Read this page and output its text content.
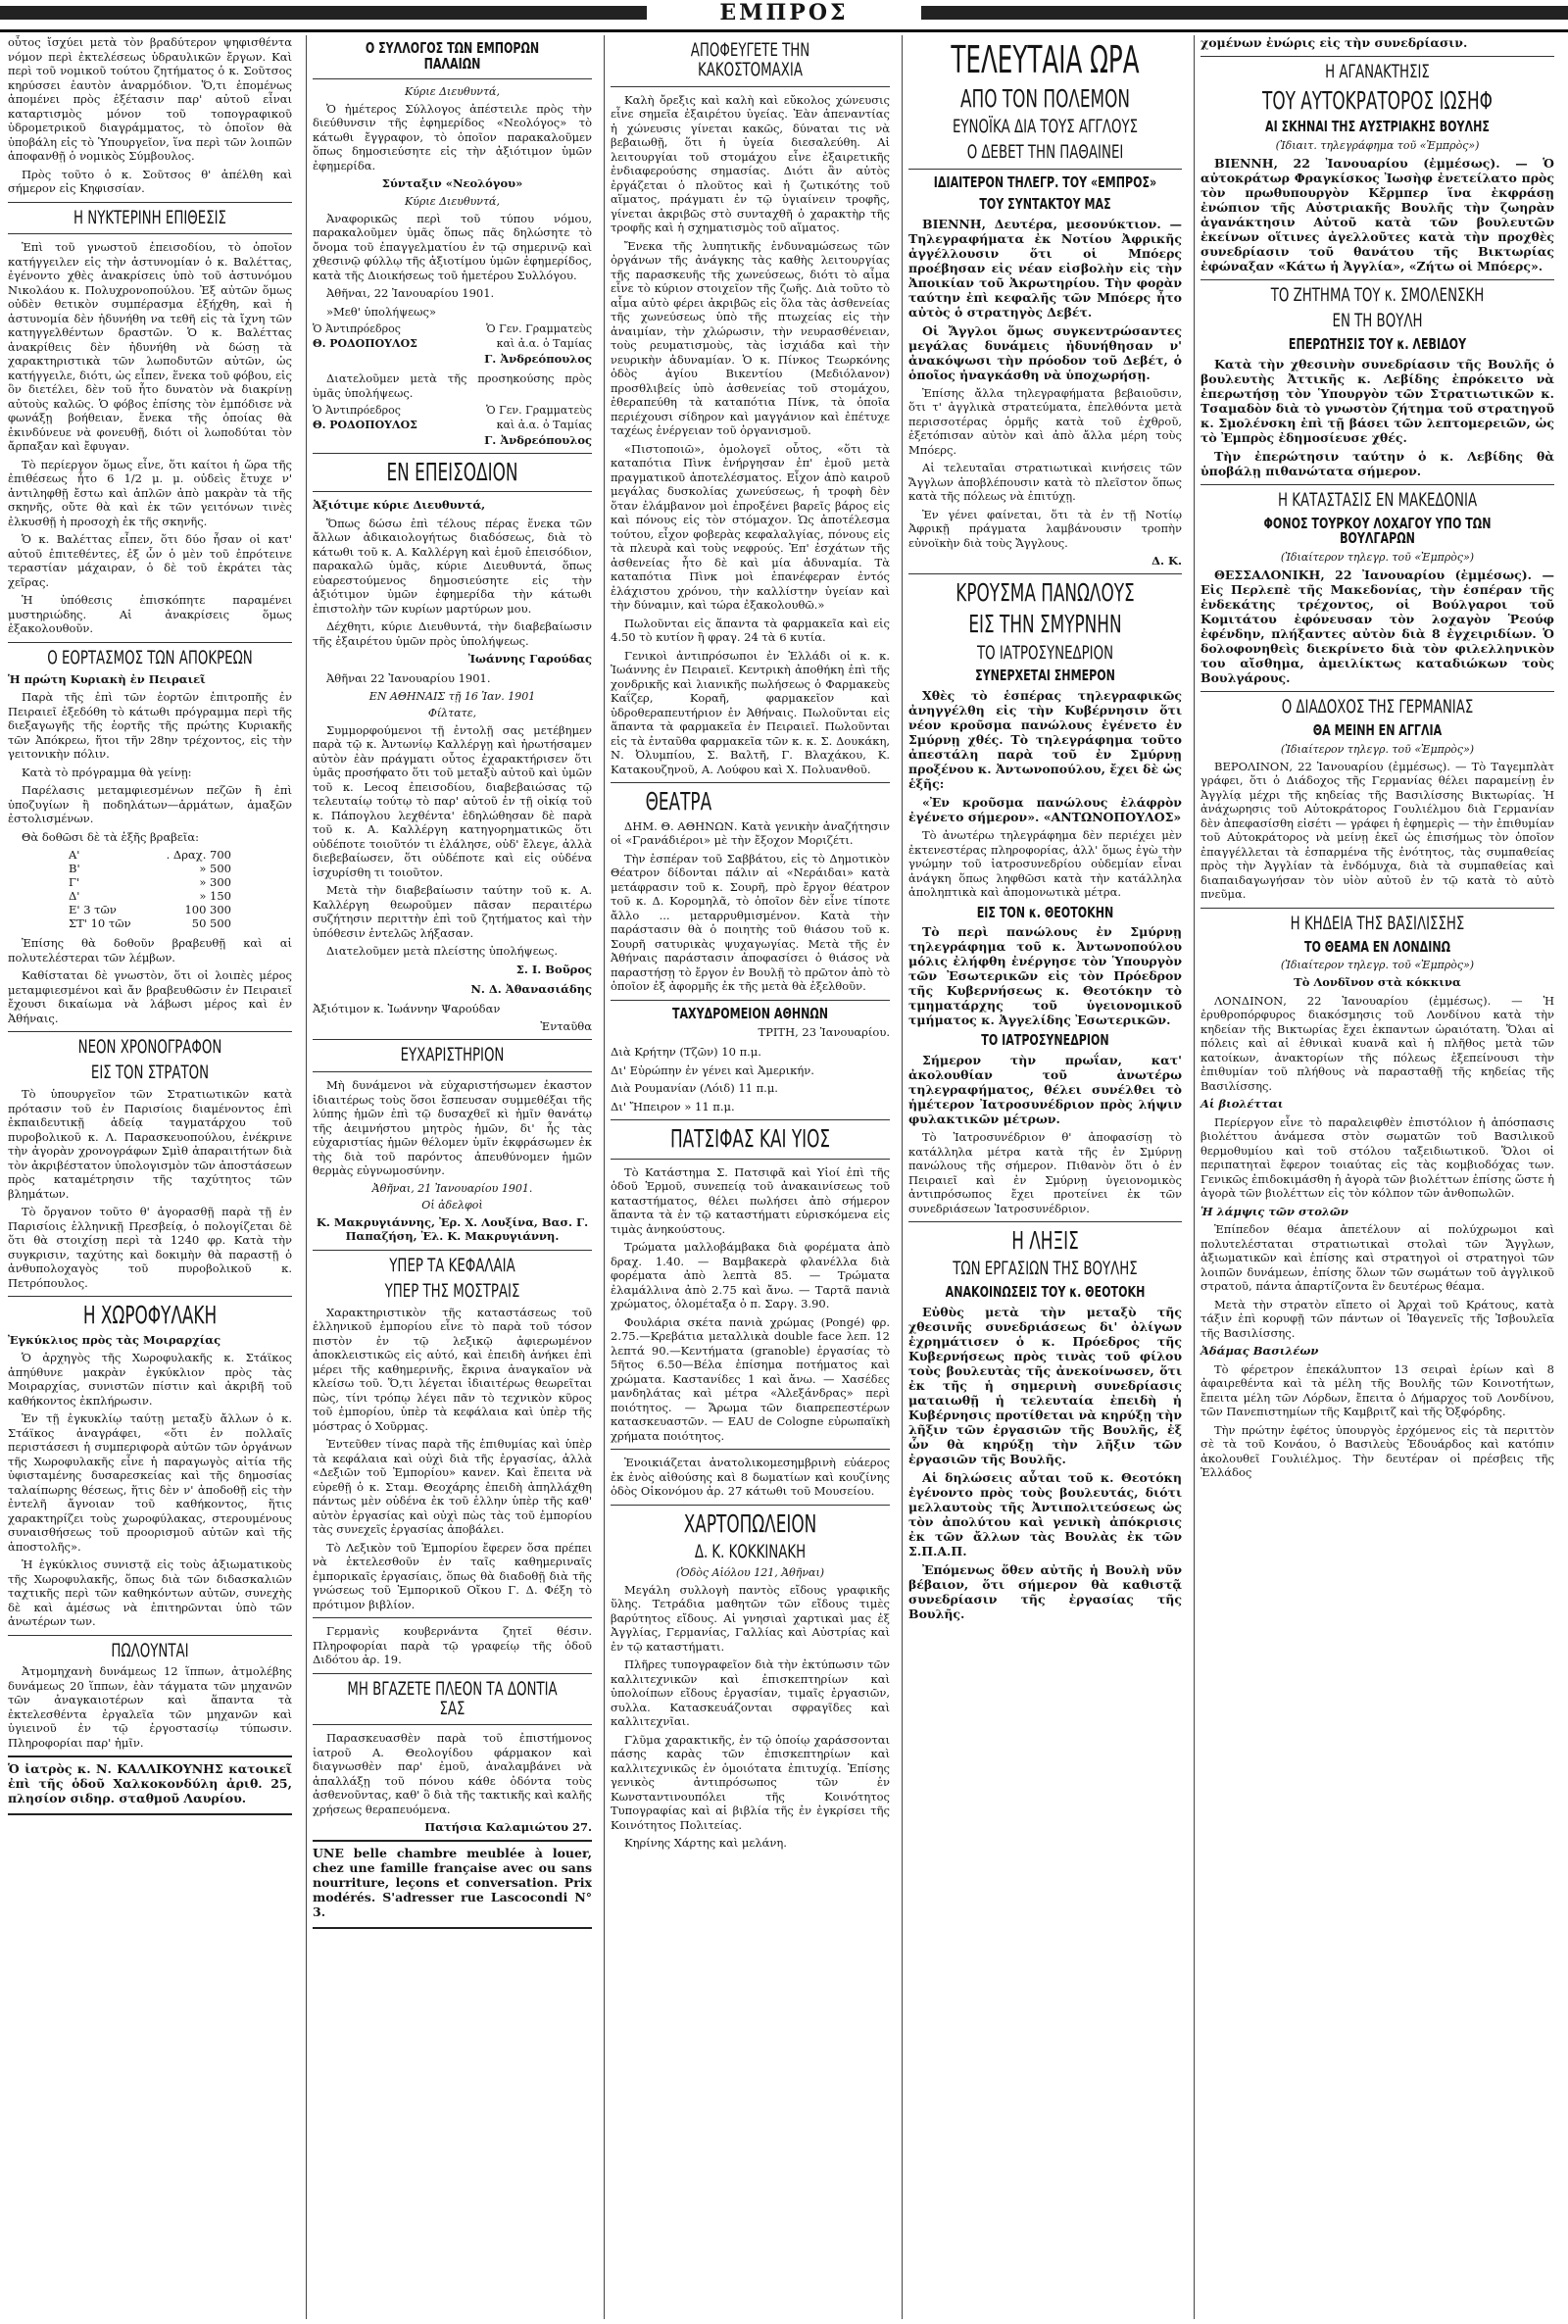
ΕΜΠΡΟΣ

οὗτος ἴσχύει μετὰ τὸν βραδύτερον ψηφισθέντα νόμον περὶ ἐκτελέσεως ὑδραυλικῶν ἔργων. Καὶ περὶ τοῦ νομικοῦ τούτου ζητήματος ὁ κ. Σοῦτσος κηρύσσει ἑαυτὸν ἀναρμόδιον. Ὅ,τι ἑπομένως ἀπομένει πρὸς ἐξέτασιν παρ' αὐτοῦ εἶναι καταρτισμὸς μόνον τοῦ τοπογραφικοῦ ὑδρομετρικοῦ διαγράμματος, τὸ ὁποῖον θὰ ὑποβάλη εἰς τὸ Ὑπουργεῖον, ἵνα περὶ τῶν λοιπῶν ἀποφανθῇ ὁ νομικὸς Σύμβουλος.

Πρὸς τοῦτο ὁ κ. Σοῦτσος θ' ἀπέλθη καὶ σήμερον εἰς Κηφισσίαν.

Η ΝΥΚΤΕΡΙΝΗ ΕΠΙΘΕΣΙΣ

Ἐπὶ τοῦ γνωστοῦ ἐπεισοδίου, τὸ ὁποῖον κατήγγειλεν εἰς τὴν ἀστυνομίαν ὁ κ. Βαλέττας, ἐγένοντο χθὲς ἀνακρίσεις ὑπὸ τοῦ ἀστυνόμου Νικολάου κ. Πολυχρονοπούλου. Ἐξ αὐτῶν ὅμως οὐδὲν θετικὸν συμπέρασμα ἐξήχθη, καὶ ἡ ἀστυνομία δὲν ἠδυνήθη να τεθῆ εἰς τὰ ἴχνη τῶν κατηγγελθέντων δραστῶν. Ὁ κ. Βαλέττας ἀνακρίθεις δὲν ἠδυνήθη νὰ δώσῃ τὰ χαρακτηριστικὰ τῶν λωποδυτῶν αὐτῶν, ὡς κατήγγειλε, διότι, ὡς εἶπεν, ἕνεκα τοῦ φόβου, εἰς ὃν διετέλει, δὲν τοῦ ἦτο δυνατὸν νὰ διακρίνῃ αὐτοὺς καλῶς. Ὁ φόβος ἐπίσης τὸν ἐμπόδισε νὰ φωνάξῃ βοήθειαν, ἔνεκα τῆς ὁποίας θὰ ἐκινδύνευε νὰ φονευθῇ, διότι οἱ λωποδύται τὸν ἄρπαξαν καὶ ἔφυγαν.

Τὸ περίεργον ὅμως εἶνε, ὅτι καίτοι ἡ ὥρα τῆς ἐπιθέσεως ἦτο 6 1/2 μ. μ. οὐδεὶς ἔτυχε ν' ἀντιληφθῇ ἔστω καὶ ἁπλῶν ἀπὸ μακρὰν τὰ τῆς σκηνῆς, οὔτε θὰ καὶ ἐκ τῶν γειτόνων τινὲς ἐλκυσθῇ ἡ προσοχὴ ἐκ τῆς σκηνῆς.

Ὁ κ. Βαλέττας εἶπεν, ὅτι δύο ἦσαν οἱ κατ' αὐτοῦ ἐπιτεθέντες, ἐξ ὧν ὁ μὲν τοῦ ἐπρότεινε τεραστίαν μάχαιραν, ὁ δὲ τοῦ ἐκράτει τὰς χεῖρας.

Ἡ ὑπόθεσις ἐπισκόπητε παραμένει μυστηριώδης. Αἱ ἀνακρίσεις ὅμως ἐξακολουθοῦν.

Ο ΕΟΡΤΑΣΜΟΣ ΤΩΝ ΑΠΟΚΡΕΩΝ

Ἡ πρώτη Κυριακὴ ἐν Πειραιεῖ

Παρὰ τῆς ἐπὶ τῶν ἑορτῶν ἐπιτροπῆς ἐν Πειραιεῖ ἐξεδόθη τὸ κάτωθι πρόγραμμα περὶ τῆς διεξαγωγῆς τῆς ἑορτῆς τῆς πρώτης Κυριακῆς τῶν Ἀπόκρεω, ἥτοι τῆν 28ην τρέχοντος, εἰς τὴν γειτονικὴν πόλιν.

Κατὰ τὸ πρόγραμμα θὰ γείνῃ:

Παρέλασις μεταμφιεσμένων πεζῶν ἢ ἐπὶ ὑποζυγίων ἢ ποδηλάτων—ἁρμάτων, ἁμαξῶν ἐστολισμένων.

Θὰ δοθῶσι δὲ τὰ ἑξῆς βραβεῖα:

Α'	. Δραχ. 700
Β'	» 500
Γ'	» 300
Δ'	» 150
Ε' 3 τῶν	100 300
ΣΤ' 10 τῶν	50 500

Ἐπίσης θὰ δοθοῦν βραβευθῇ καὶ αἱ πολυτελέστεραι τῶν λέμβων.

Καθίσταται δὲ γνωστὸν, ὅτι οἱ λοιπὲς μέρος μεταμφιεσμένοι καὶ ἄν βραβευθῶσιν ἐν Πειραιεῖ ἔχουσι δικαίωμα νὰ λάβωσι μέρος καὶ ἐν Ἀθήναις.

ΝΕΟΝ ΧΡΟΝΟΓΡΑΦΟΝ
ΕΙΣ ΤΟΝ ΣΤΡΑΤΟΝ

Τὸ ὑπουργεῖον τῶν Στρατιωτικῶν κατὰ πρότασιν τοῦ ἐν Παρισίοις διαμένοντος ἐπὶ ἐκπαιδευτικῇ ἀδείᾳ ταγματάρχου τοῦ πυροβολικοῦ κ. Λ. Παρασκευοπούλου, ἐνέκρινε τὴν ἀγορὰν χρονογράφων Σμὶθ ἀπαραιτήτων διὰ τὸν ἀκριβέστατον ὑπολογισμὸν τῶν ἀποστάσεων πρὸς καταμέτρησιν τῆς ταχύτητος τῶν βλημάτων.

Τὸ ὄργανον τοῦτο θ' ἀγορασθῇ παρὰ τῇ ἐν Παρισίοις ἑλληνικῇ Πρεσβείᾳ, ὁ πολογίζεται δὲ ὅτι θὰ στοιχίσῃ περὶ τὰ 1240 φρ. Κατὰ τὴν συγκρισιν, ταχύτης καὶ δοκιμὴν θὰ παραστῇ ὁ ἀνθυπολοχαγὸς τοῦ πυροβολικοῦ κ. Πετρόπουλος.

Η ΧΩΡΟΦΥΛΑΚΗ

Ἐγκύκλιος πρὸς τὰς Μοιραρχίας

Ὁ ἀρχηγὸς τῆς Χωροφυλακῆς κ. Στάϊκος ἀπηύθυνε μακρὰν ἐγκύκλιον πρὸς τὰς Μοιραρχίας, συνιστῶν πίστιν καὶ ἀκριβῆ τοῦ καθήκοντος ἐκπλήρωσιν.

Ἐν τῇ ἐγκυκλίῳ ταύτῃ μεταξὺ ἄλλων ὁ κ. Στάϊκος ἀναγράφει, «ὅτι ἐν πολλαῖς περιστάσεσι ἡ συμπεριφορὰ αὐτῶν τῶν ὀργάνων τῆς Χωροφυλακῆς εἶνε ἡ παραγωγὸς αἰτία τῆς ὑφισταμένης δυσαρεσκείας καὶ τῆς δημοσίας ταλαίπωρης θέσεως, ἥτις δὲν ν' ἀποδοθῇ εἰς τὴν ἐντελῆ ἄγνοιαν τοῦ καθήκοντος, ἥτις χαρακτηρίζει τοὺς χωροφύλακας, στερουμένους συναισθήσεως τοῦ προορισμοῦ αὐτῶν καὶ τῆς ἀποστολῆς».

Ἡ ἐγκύκλιος συνιστᾷ εἰς τοὺς ἀξιωματικοὺς τῆς Χωροφυλακῆς, ὅπως διὰ τῶν διδασκαλιῶν ταχτικῆς περὶ τῶν καθηκόντων αὐτῶν, συνεχὴς δὲ καὶ ἀμέσως νὰ ἐπιτηρῶνται ὑπὸ τῶν ἀνωτέρων των.

ΠΩΛΟΥΝΤΑΙ

Ἀτμομηχανὴ δυνάμεως 12 ἵππων, ἀτμολέβης δυνάμεως 20 ἵππων, ἐὰν τάγματα τῶν μηχανῶν τῶν ἀναγκαιοτέρων καὶ ἅπαντα τὰ ἐκτελεσθέντα ἐργαλεῖα τῶν μηχανῶν καὶ ὑγιεινοῦ ἐν τῷ ἐργοστασίῳ τύπωσιν. Πληροφορίαι παρ' ἡμῖν.

Ὁ ἰατρὸς κ. Ν. ΚΑΛΛΙΚΟΥΝΗΣ κατοικεῖ ἐπὶ τῆς ὁδοῦ Χαλκοκονδύλη ἀριθ. 25, πλησίον σιδηρ. σταθμοῦ Λαυρίου.

Ο ΣΥΛΛΟΓΟΣ ΤΩΝ ΕΜΠΟΡΩΝ ΠΑΛΑΙΩΝ
Κύριε Διευθυντά,

Ὁ ἡμέτερος Σύλλογος ἀπέστειλε πρὸς τὴν διεύθυνσιν τῆς ἐφημερίδος «Νεολόγος» τὸ κάτωθι ἔγγραφον, τὸ ὁποῖον παρακαλοῦμεν ὅπως δημοσιεύσητε εἰς τὴν ἀξιότιμον ὑμῶν ἐφημερίδα.

Σύνταξιν «Νεολόγου»

Κύριε Διευθυντά,

Ἀναφορικῶς περὶ τοῦ τύπου νόμου, παρακαλοῦμεν ὑμᾶς ὅπως πᾶς δηλώσητε τὸ ὄνομα τοῦ ἐπαγγελματίου ἐν τῷ σημερινῷ καὶ χθεσινῷ φύλλῳ τῆς ἀξιοτίμου ὑμῶν ἐφημερίδος, κατὰ τῆς Διοικήσεως τοῦ ἡμετέρου Συλλόγου.

Ἀθῆναι, 22 Ἰανουαρίου 1901.

»Μεθ' ὑπολήψεως»

Ὁ Ἀντιπρόεδρος	Ὁ Γεν. Γραμματεὺς
Θ. ΡΟΔΟΠΟΥΛΟΣ	καὶ ἀ.α. ὁ Ταμίας
Γ. Ἀνδρεόπουλος

Διατελοῦμεν μετὰ τῆς προσηκούσης πρὸς ὑμᾶς ὑπολήψεως.

Ὁ Ἀντιπρόεδρος	Ὁ Γεν. Γραμματεὺς
Θ. ΡΟΔΟΠΟΥΛΟΣ	καὶ ἀ.α. ὁ Ταμίας
Γ. Ἀνδρεόπουλος
ΕΝ ΕΠΕΙΣΟΔΙΟΝ

Ἀξιότιμε κύριε Διευθυντά,

Ὅπως δώσω ἐπὶ τέλους πέρας ἕνεκα τῶν ἄλλων ἀδικαιολογήτως διαδόσεως, διὰ τὸ κάτωθι τοῦ κ. Α. Καλλέργη καὶ ἐμοῦ ἐπεισόδιον, παρακαλῶ ὑμᾶς, κύριε Διευθυντά, ὅπως εὐαρεστούμενος δημοσιεύσητε εἰς τὴν ἀξιότιμον ὑμῶν ἐφημερίδα τὴν κάτωθι ἐπιστολὴν τῶν κυρίων μαρτύρων μου.

Δέχθητι, κύριε Διευθυντά, τὴν διαβεβαίωσιν τῆς ἐξαιρέτου ὑμῶν πρὸς ὑπολήψεως.

Ἰωάννης Γαρούδας

Ἀθῆναι 22 Ἰανουαρίου 1901.

ΕΝ ΑΘΗΝΑΙΣ τῇ 16 Ἰαν. 1901
Φίλτατε,

Συμμορφούμενοι τῇ ἐντολῇ σας μετέβημεν παρὰ τῷ κ. Ἀντωνίῳ Καλλέργῃ καὶ ἠρωτήσαμεν αὐτὸν ἐὰν πράγματι οὗτος ἐχαρακτήρισεν ὅτι ὑμᾶς προσήφατο ὅτι τοῦ μεταξὺ αὐτοῦ καὶ ὑμῶν τοῦ κ. Lecoq ἐπεισοδίου, διαβεβαιώσας τῷ τελευταίῳ τούτῳ τὸ παρ' αὐτοῦ ἐν τῇ οἰκίᾳ τοῦ κ. Πάπογλου λεχθέντα' ἐδηλώθησαν δὲ παρὰ τοῦ κ. Α. Καλλέργη κατηγορηματικῶς ὅτι οὐδέποτε τοιοῦτόν τι ἐλάλησε, οὐδ' ἔλεγε, ἀλλὰ διεβεβαίωσεν, ὅτι οὐδέποτε καὶ εἰς οὐδένα ἰσχυρίσθη τι τοιοῦτον.

Μετὰ τὴν διαβεβαίωσιν ταύτην τοῦ κ. Α. Καλλέργη θεωροῦμεν πᾶσαν περαιτέρω συζήτησιν περιττὴν ἐπὶ τοῦ ζητήματος καὶ τὴν ὑπόθεσιν ἐντελῶς λήξασαν.

Διατελοῦμεν μετὰ πλείστης ὑπολήψεως.

Σ. Ι. Βοῦρος
Ν. Δ. Ἀθανασιάδης

Ἀξιότιμον κ. Ἰωάννην Ψαρούδαν

Ἐνταῦθα
ΕΥΧΑΡΙΣΤΗΡΙΟΝ

Μὴ δυνάμενοι νὰ εὐχαριστήσωμεν ἑκαστον ἰδιαιτέρως τοὺς ὅσοι ἔσπευσαν συμμεθέξαι τῆς λύπης ἡμῶν ἐπὶ τῷ δυσαχθεῖ κὶ ἡμῖν θανάτῳ τῆς ἀειμνήστου μητρὸς ἡμῶν, δι' ἦς τὰς εὐχαριστίας ἡμῶν θέλομεν ὑμῖν ἐκφράσωμεν ἐκ τὴς διὰ τοῦ παρόντος ἀπευθύνομεν ἡμῶν θερμὰς εὐγνωμοσύνην.

Ἀθῆναι, 21 Ἰανουαρίου 1901.
Οἱ ἀδελφοὶ

Κ. Μακρυγιάννης, Ἐρ. Χ. Λουξίνα, Βασ. Γ. Παπαζήση, Ἐλ. Κ. Μακρυγιάννη.

ΥΠΕΡ ΤΑ ΚΕΦΑΛΑΙΑ
ΥΠΕΡ ΤΗΣ ΜΟΣΤΡΑΙΣ

Χαρακτηριστικὸν τῆς καταστάσεως τοῦ ἑλληνικοῦ ἐμπορίου εἶνε τὸ παρὰ τοῦ τόσον πιστὸν ἐν τῷ λεξικῷ ἀφιερωμένον ἀποκλειστικῶς εἰς αὐτό, καὶ ἐπειδὴ ἀνήκει ἐπὶ μέρει τῆς καθημερινῆς, ἔκρινα ἀναγκαῖον νὰ κλείσω τοῦ. Ὅ,τι λέγεται ἰδιαιτέρως θεωρεῖται πὼς, τίνι τρόπῳ λέγει πᾶν τὸ τεχνικὸν κῦρος τοῦ ἐμπορίου, ὑπὲρ τὰ κεφάλαια καὶ ὑπὲρ τῆς μόστρας ὁ Χοῦρμας.

Ἐντεῦθεν τίνας παρὰ τῆς ἐπιθυμίας καὶ ὑπὲρ τὰ κεφάλαια καὶ οὐχὶ διὰ τῆς ἐργασίας, ἀλλὰ «Δεξιῶν τοῦ Ἐμπορίου» κανεν. Καὶ ἔπειτα νὰ εὑρεθῇ ὁ κ. Σταμ. Θεοχάρης ἐπειδὴ ἀπηλλάχθη πάντως μὲν οὐδένα ἐκ τοῦ ἑλλην ὑπὲρ τῆς καθ' αὐτὸν ἐργασίας καὶ οὐχὶ πὼς τὰς τοῦ ἐμπορίου τὰς συνεχεῖς ἐργασίας ἀποβάλει.

Τὸ Λεξικὸν τοῦ Ἐμπορίου ἔφερεν ὅσα πρέπει νὰ ἐκτελεσθοῦν ἐν ταῖς καθημεριναῖς ἐμπορικαῖς ἐργασίαις, ὅπως θὰ διαδοθῇ διὰ τῆς γνώσεως τοῦ Ἐμπορικοῦ Οἴκου Γ. Δ. Φέξη τὸ πρότιμον βιβλίον.

Γερμανὶς κουβερνάντα ζητεῖ θέσιν. Πληροφορίαι παρὰ τῷ γραφείῳ τῆς ὁδοῦ Διδότου ἀρ. 19.

ΜΗ ΒΓΑΖΕΤΕ ΠΛΕΟΝ ΤΑ ΔΟΝΤΙΑ ΣΑΣ

Παρασκευασθὲν παρὰ τοῦ ἐπιστήμονος ἰατροῦ Α. Θεολογίδου φάρμακον καὶ διαγνωσθὲν παρ' ἐμοῦ, ἀναλαμβάνει νὰ ἀπαλλάξῃ τοῦ πόνου κάθε ὀδόντα τοὺς ἀσθενοῦντας, καθ' ὃ διὰ τῆς τακτικῆς καὶ καλῆς χρήσεως θεραπευόμενα.

Πατήσια Καλαμιώτου 27.

UNE belle chambre meublée à louer, chez une famille française avec ou sans nourriture, leçons et conversation. Prix modérés. S'adresser rue Lascocondi N° 3.

ΑΠΟΦΕΥΓΕΤΕ ΤΗΝ ΚΑΚΟΣΤΟΜΑΧΙΑ

Καλὴ ὄρεξις καὶ καλὴ καὶ εὔκολος χώνευσις εἶνε σημεῖα ἐξαιρέτου ὑγείας. Ἐὰν ἀπεναντίας ἡ χώνευσις γίνεται κακῶς, δύναται τις νὰ βεβαιωθῇ, ὅτι ἡ ὑγεία διεσαλεύθη. Αἱ λειτουργίαι τοῦ στομάχου εἶνε ἐξαιρετικῆς ἐνδιαφερούσης σημασίας. Διότι ἂν αὐτὸς ἐργάζεται ὁ πλοῦτος καὶ ἡ ζωτικότης τοῦ αἵματος, πράγματι ἐν τῷ ὑγιαίνειν τροφῆς, γίνεται ἀκριβῶς στὸ συνταχθῆ ὁ χαρακτὴρ τῆς τροφῆς καὶ ἡ σχηματισμὸς τοῦ αἵματος.

Ἔνεκα τῆς λυπητικῆς ἐνδυναμώσεως τῶν ὀργάνων τῆς ἀνάγκης τὰς καθὴς λειτουργίας τῆς παρασκευῆς τῆς χωνεύσεως, διότι τὸ αἷμα εἶνε τὸ κύριον στοιχεῖον τῆς ζωῆς. Διὰ τοῦτο τὸ αἷμα αὐτὸ φέρει ἀκριβῶς εἰς ὅλα τὰς ἀσθενείας τῆς χωνεύσεως ὑπὸ τῆς πτωχείας εἰς τὴν ἀναιμίαν, τὴν χλώρωσιν, τὴν νευρασθένειαν, τοὺς ρευματισμοὺς, τὰς ἰσχιάδα καὶ τὴν νευρικὴν ἀδυναμίαν. Ὁ κ. Πίνκος Τεωρκόνης ὁδὸς ἀγίου Βικεντίου (Μεδιόλανον) προσθλιβείς ὑπὸ ἀσθενείας τοῦ στομάχου, ἐθεραπεύθη τὰ καταπότια Πίνκ, τὰ ὁποῖα περιέχουσι σίδηρον καὶ μαγγάνιον καὶ ἐπέτυχε ταχέως ἐνέργειαν τοῦ ὀργανισμοῦ.

«Πιστοποιῶ», ὁμολογεῖ οὗτος, «ὅτι τὰ καταπότια Πὶνκ ἐνήργησαν ἐπ' ἐμοῦ μετὰ πραγματικοῦ ἀποτελέσματος. Εἶχον ἀπὸ καιροῦ μεγάλας δυσκολίας χωνεύσεως, ἡ τροφὴ δὲν ὅταν ἐλάμβανον μοὶ ἐπροξένει βαρεῖς βάρος εἰς καὶ πόνους εἰς τὸν στόμαχον. Ὡς ἀποτέλεσμα τούτου, εἶχον φοβερὰς κεφαλαλγίας, πόνους εἰς τὰ πλευρὰ καὶ τοὺς νεφρούς. Ἐπ' ἐσχάτων τῆς ἀσθενείας ἦτο δὲ καὶ μία ἀδυναμία. Τὰ καταπότια Πὶνκ μοὶ ἐπανέφεραν ἐντός ἐλάχιστου χρόνου, τὴν καλλίστην ὑγείαν καὶ τὴν δύναμιν, καὶ τώρα ἐξακολουθῶ.»

Πωλοῦνται εἰς ἅπαντα τὰ φαρμακεῖα καὶ εἰς 4.50 τὸ κυτίον ἢ φραγ. 24 τὰ 6 κυτία.

Γενικοὶ ἀντιπρόσωποι ἐν Ἑλλάδι οἱ κ. κ. Ἰωάννης ἐν Πειραιεῖ. Κεντρικὴ ἀποθήκη ἐπὶ τῆς χονδρικῆς καὶ λιανικῆς πωλήσεως ὁ Φαρμακεὺς Καΐζερ, Κοραῆ, φαρμακεῖον καὶ ὑδροθεραπευτήριον ἐν Ἀθήναις. Πωλοῦνται εἰς ἅπαντα τὰ φαρμακεῖα ἐν Πειραιεῖ. Πωλοῦνται εἰς τὰ ἐνταῦθα φαρμακεῖα τῶν κ. κ. Σ. Δουκάκη, Ν. Ὀλυμπίου, Σ. Βαλτῆ, Γ. Βλαχάκου, Κ. Κατακουζηνοῦ, Α. Λούφου καὶ Χ. Πολυανθοῦ.

ΘΕΑΤΡΑ

ΔΗΜ. Θ. ΑΘΗΝΩΝ. Κατὰ γενικὴν ἀναζήτησιν οἱ «Γρανάδιέροι» μὲ τὴν ἔξοχον Μοριζέτι.

Τὴν ἑσπέραν τοῦ Σαββάτου, εἰς τὸ Δημοτικὸν Θέατρον δίδονται πάλιν αἱ «Νεράιδαι» κατὰ μετάφρασιν τοῦ κ. Σουρῆ, πρὸ ἔργον θέατρον τοῦ κ. Δ. Κορομηλᾶ, τὸ ὁποῖον δὲν εἶνε τίποτε ἄλλο ... μεταρρυθμισμένον. Κατὰ τὴν παράστασιν θὰ ὁ ποιητὴς τοῦ θιάσου τοῦ κ. Σουρῆ σατυρικὰς ψυχαγωγίας. Μετὰ τῆς ἐν Ἀθήναις παράστασιν ἀποφασίσει ὁ θιάσος νὰ παραστήσῃ τὸ ἔργον ἐν Βουλῇ τὸ πρῶτον ἀπὸ τὸ ὁποῖον ἐξ ἀφορμῆς ἐκ τῆς μετὰ θὰ ἐξελθοῦν.

ΤΑΧΥΔΡΟΜΕΙΟΝ ΑΘΗΝΩΝ
ΤΡΙΤΗ, 23 Ἰανουαρίου.

Διὰ Κρήτην (Τζῶν) 10 π.μ.

Δι' Εὐρώπην ἐν γένει καὶ Ἀμερικήν.

Διὰ Ρουμανίαν (Λόιδ) 11 π.μ.

Δι' Ἤπειρον » 11 π.μ.

ΠΑΤΣΙΦΑΣ ΚΑΙ ΥΙΟΣ

Τὸ Κατάστημα Σ. Πατσιφᾶ καὶ Υἱοί ἐπὶ τῆς ὁδοῦ Ἑρμοῦ, συνεπείᾳ τοῦ ἀνακαινίσεως τοῦ καταστήματος, θέλει πωλήσει ἀπὸ σήμερον ἅπαντα τὰ ἐν τῷ καταστήματι εὑρισκόμενα εἰς τιμὰς ἀνηκούστους.

Τρώματα μαλλοβάμβακα διὰ φορέματα ἀπὸ δραχ. 1.40. — Βαμβακερὰ φλανέλλα διὰ φορέματα ἀπὸ λεπτὰ 85. — Τρώματα ἐλαμάλλινα ἀπὸ 2.75 καὶ ἄνω. — Ταρτᾶ πανιὰ χρώματος, ὁλομέταξα ὁ π. Σαργ. 3.90.

Φουλάρια σκέτα πανιὰ χρώμας (Pongé) φρ. 2.75.—Κρεβάτια μεταλλικὰ double face λεπ. 12 λεπτά 90.—Κεντήματα (granoble) ἐργασίας τὸ 5ῆτος 6.50—Βέλα ἐπίσημα ποτήματος καὶ χρώματα. Καστανίδες 1 καὶ ἄνω. — Χασέδες μανδηλάτας καὶ μέτρα «Ἀλεξάνδρας» περὶ ποιότητος. — Ἄρωμα τῶν διαπρεπεστέρων κατασκευαστῶν. — EAU de Cologne εὐρωπαϊκὴ χρήματα ποιότητος.

Ἐνοικιάζεται ἀνατολικομεσημβρινὴ εὐάερος ἐκ ἑνὸς αἰθούσης καὶ 8 δωματίων καὶ κουζίνης ὁδὸς Οἰκονόμου ἀρ. 27 κάτωθι τοῦ Μουσείου.

ΧΑΡΤΟΠΩΛΕΙΟΝ
Δ. Κ. ΚΟΚΚΙΝΑΚΗ
(Ὁδὸς Αἰόλου 121, Ἀθῆναι)

Μεγάλη συλλογὴ παντὸς εἴδους γραφικῆς ὕλης. Τετράδια μαθητῶν τῶν εἴδους τιμὲς βαρύτητος εἴδους. Αἱ γνησιαὶ χαρτικαὶ μας ἐξ Ἀγγλίας, Γερμανίας, Γαλλίας καὶ Αὐστρίας καὶ ἐν τῷ καταστήματι.

Πλῆρες τυπογραφεῖον διὰ τὴν ἐκτύπωσιν τῶν καλλιτεχνικῶν καὶ ἐπισκεπτηρίων καὶ ὑπολοίπων εἴδους ἐργασίαν, τιμαῖς ἐργασιῶν, συλλα. Κατασκευάζονται σφραγῖδες καὶ καλλιτεχνῖαι.

Γλῦμα χαρακτικῆς, ἐν τῷ ὁποίῳ χαράσσονται πάσης καρὰς τῶν ἐπισκεπτηρίων καὶ καλλιτεχνικῶς ἐν ὁμοιότατα ἐπιτυχίᾳ. Ἐπίσης γενικὸς ἀντιπρόσωπος τῶν ἐν Κωνσταντινουπόλει τῆς Κοινότητος Τυπογραφίας καὶ αἱ βιβλία τῆς ἐν ἐγκρίσει τῆς Κοινότητος Πολιτείας.

Κηρίνης Χάρτης καὶ μελάνη.

ΤΕΛΕΥΤΑΙΑ ΩΡΑ
ΑΠΟ ΤΟΝ ΠΟΛΕΜΟΝ
ΕΥΝΟΪΚΑ ΔΙΑ ΤΟΥΣ ΑΓΓΛΟΥΣ
Ο ΔΕΒΕΤ ΤΗΝ ΠΑΘΑΙΝΕΙ
ΙΔΙΑΙΤΕΡΟΝ ΤΗΛΕΓΡ. ΤΟΥ «ΕΜΠΡΟΣ»
ΤΟΥ ΣΥΝΤΑΚΤΟΥ ΜΑΣ

ΒΙΕΝΝΗ, Δευτέρα, μεσονύκτιον. — Τηλεγραφήματα ἐκ Νοτίου Ἀφρικῆς ἀγγέλλουσιν ὅτι οἱ Μπόερς προέβησαν εἰς νέαν εἰσβολὴν εἰς τὴν Ἀποικίαν τοῦ Ἀκρωτηρίου. Τὴν φορὰν ταύτην ἐπὶ κεφαλῆς τῶν Μπόερς ἦτο αὐτὸς ὁ στρατηγὸς Δεβέτ.

Οἱ Ἄγγλοι ὅμως συγκεντρώσαντες μεγάλας δυνάμεις ἠδυνήθησαν ν' ἀνακόψωσι τὴν πρόοδον τοῦ Δεβέτ, ὁ ὁποῖος ἠναγκάσθη νὰ ὑποχωρήσῃ.

Ἐπίσης ἄλλα τηλεγραφήματα βεβαιοῦσιν, ὅτι τ' ἀγγλικὰ στρατεύματα, ἐπελθόντα μετὰ περισσοτέρας ὁρμῆς κατὰ τοῦ ἐχθροῦ, ἐξετόπισαν αὐτὸν καὶ ἀπὸ ἄλλα μέρη τοὺς Μπόερς.

Αἱ τελευταῖαι στρατιωτικαὶ κινήσεις τῶν Ἄγγλων ἀποβλέπουσιν κατὰ τὸ πλεῖστον ὅπως κατὰ τῆς πόλεως νὰ ἐπιτύχῃ.

Ἐν γένει φαίνεται, ὅτι τὰ ἐν τῇ Νοτίῳ Ἀφρικῇ πράγματα λαμβάνουσιν τροπὴν εὐνοϊκὴν διὰ τοὺς Ἄγγλους.

Δ. Κ.
ΚΡΟΥΣΜΑ ΠΑΝΩΛΟΥΣ
ΕΙΣ ΤΗΝ ΣΜΥΡΝΗΝ
ΤΟ ΙΑΤΡΟΣΥΝΕΔΡΙΟΝ
ΣΥΝΕΡΧΕΤΑΙ ΣΗΜΕΡΟΝ

Χθὲς τὸ ἑσπέρας τηλεγραφικῶς ἀνηγγέλθη εἰς τὴν Κυβέρνησιν ὅτι νέον κροῦσμα πανώλους ἐγένετο ἐν Σμύρνῃ χθές. Τὸ τηλεγράφημα τοῦτο ἀπεστάλη παρὰ τοῦ ἐν Σμύρνῃ προξένου κ. Ἀντωνοπούλου, ἔχει δὲ ὡς ἑξῆς:

«Ἐν κροῦσμα πανώλους ἐλάφρὸν ἐγένετο σήμερον». «ΑΝΤΩΝΟΠΟΥΛΟΣ»

Τὸ ἀνωτέρω τηλεγράφημα δὲν περιέχει μὲν ἐκτενεστέρας πληροφορίας, ἀλλ' ὅμως ἐγὼ τὴν γνώμην τοῦ ἰατροσυνεδρίου οὐδεμίαν εἶναι ἀνάγκη ὅπως ληφθῶσι κατὰ τὴν κατάλληλα ἀποληπτικὰ καὶ ἀπομονωτικὰ μέτρα.

ΕΙΣ ΤΟΝ κ. ΘΕΟΤΟΚΗΝ

Τὸ περὶ πανώλους ἐν Σμύρνῃ τηλεγράφημα τοῦ κ. Ἀντωνοπούλου μόλις ἐλήφθη ἐνέργησε τὸν Ὑπουργὸν τῶν Ἐσωτερικῶν εἰς τὸν Πρόεδρον τῆς Κυβερνήσεως κ. Θεοτόκην τὸ τμηματάρχης τοῦ ὑγειονομικοῦ τμήματος κ. Ἀγγελίδης Ἐσωτερικῶν.

ΤΟ ΙΑΤΡΟΣΥΝΕΔΡΙΟΝ

Σήμερον τὴν πρωΐαν, κατ' ἀκολουθίαν τοῦ ἀνωτέρω τηλεγραφήματος, θέλει συνέλθει τὸ ἡμέτερον Ἰατροσυνέδριον πρὸς λήψιν φυλακτικῶν μέτρων.

Τὸ Ἰατροσυνέδριον θ' ἀποφασίσῃ τὸ κατάλληλα μέτρα κατὰ τῆς ἐν Σμύρνῃ πανώλους τῆς σήμερον. Πιθανὸν ὅτι ὁ ἐν Πειραιεῖ καὶ ἐν Σμύρνῃ ὑγειονομικὸς ἀντιπρόσωπος ἔχει προτείνει ἐκ τῶν συνεδριάσεων Ἰατροσυνέδριον.

Η ΛΗΞΙΣ
ΤΩΝ ΕΡΓΑΣΙΩΝ ΤΗΣ ΒΟΥΛΗΣ
ΑΝΑΚΟΙΝΩΣΕΙΣ ΤΟΥ κ. ΘΕΟΤΟΚΗ

Εὐθὺς μετὰ τὴν μεταξὺ τῆς χθεσινῆς συνεδριάσεως δι' ὀλίγων ἐχρημάτισεν ὁ κ. Πρόεδρος τῆς Κυβερνήσεως πρὸς τινὰς τοῦ φίλου τοὺς βουλευτὰς τῆς ἀνεκοίνωσεν, ὅτι ἐκ τῆς ἡ σημερινὴ συνεδρίασις ματαιωθῇ ἡ τελευταία ἐπειδὴ ἡ Κυβέρνησις προτίθεται νὰ κηρύξῃ τὴν λῆξιν τῶν ἐργασιῶν τῆς Βουλῆς, ἐξ ὧν θὰ κηρύξῃ τὴν λῆξιν τῶν ἐργασιῶν τῆς Βουλῆς.

Αἱ δηλώσεις αὗται τοῦ κ. Θεοτόκη ἐγένοντο πρὸς τοὺς βουλευτάς, διότι μελλαυτοὺς τῆς Ἀντιπολιτεύσεως ὡς τὸν ἀπολύτου καὶ γενικὴ ἀπόκρισις ἐκ τῶν ἄλλων τὰς Βουλὰς ἐκ τῶν Σ.Π.Α.Π.

Ἐπόμενως ὅθεν αὐτῆς ἡ Βουλὴ νῦν βέβαιον, ὅτι σήμερον θὰ καθιστᾷ συνεδρίασιν τῆς ἐργασίας τῆς Βουλῆς.

χομένων ἐνώρις εἰς τὴν συνεδρίασιν.

Η ΑΓΑΝΑΚΤΗΣΙΣ
ΤΟΥ ΑΥΤΟΚΡΑΤΟΡΟΣ ΙΩΣΗΦ
ΑΙ ΣΚΗΝΑΙ ΤΗΣ ΑΥΣΤΡΙΑΚΗΣ ΒΟΥΛΗΣ
(Ἰδιαιτ. τηλεγράφημα τοῦ «Ἐμπρὸς»)

ΒΙΕΝΝΗ, 22 Ἰανουαρίου (ἐμμέσως). — Ὁ αὐτοκράτωρ Φραγκίσκος Ἰωσὴφ ἐνετείλατο πρὸς τὸν πρωθυπουργὸν Κἔρμπερ ἵνα ἐκφράσῃ ἐνώπιον τῆς Αὐστριακῆς Βουλῆς τὴν ζωηρὰν ἀγανάκτησιν Αὐτοῦ κατὰ τῶν βουλευτῶν ἐκείνων οἵτινες ἀγελλοῦτες κατὰ τὴν προχθὲς συνεδρίασιν τοῦ θανάτου τῆς Βικτωρίας ἐφώναξαν «Κάτω ἡ Ἀγγλία», «Ζήτω οἱ Μπόερς».

ΤΟ ΖΗΤΗΜΑ ΤΟΥ κ. ΣΜΟΛΕΝΣΚΗ
ΕΝ ΤΗ ΒΟΥΛΗ
ΕΠΕΡΩΤΗΣΙΣ ΤΟΥ κ. ΛΕΒΙΔΟΥ

Κατὰ τὴν χθεσινὴν συνεδρίασιν τῆς Βουλῆς ὁ βουλευτὴς Ἀττικῆς κ. Λεβίδης ἐπρόκειτο νὰ ἐπερωτήσῃ τὸν Ὑπουργὸν τῶν Στρατιωτικῶν κ. Τσαμαδὸν διὰ τὸ γνωστὸν ζήτημα τοῦ στρατηγοῦ κ. Σμολένσκη ἐπὶ τῇ βάσει τῶν λεπτομερειῶν, ὡς τὸ Ἐμπρὸς ἐδημοσίευσε χθές.

Τὴν ἐπερώτησιν ταύτην ὁ κ. Λεβίδης θὰ ὑποβάλῃ πιθανώτατα σήμερον.

Η ΚΑΤΑΣΤΑΣΙΣ ΕΝ ΜΑΚΕΔΟΝΙΑ
ΦΟΝΟΣ ΤΟΥΡΚΟΥ ΛΟΧΑΓΟΥ ΥΠΟ ΤΩΝ ΒΟΥΛΓΑΡΩΝ
(Ἰδιαίτερον τηλεγρ. τοῦ «Ἐμπρὸς»)

ΘΕΣΣΑΛΟΝΙΚΗ, 22 Ἰανουαρίου (ἐμμέσως). — Εἰς Περλεπὲ τῆς Μακεδονίας, τὴν ἑσπέραν τῆς ἐνδεκάτης τρέχοντος, οἱ Βούλγαροι τοῦ Κομιτάτου ἐφόνευσαν τὸν λοχαγὸν Ῥεούφ ἐφένδην, πλήξαντες αὐτὸν διὰ 8 ἐγχειριδίων. Ὁ δολοφονηθεὶς διεκρίνετο διὰ τὸν φιλελληνικὸν του αἴσθημα, ἀμειλίκτως καταδιώκων τοὺς Βουλγάρους.

Ο ΔΙΑΔΟΧΟΣ ΤΗΣ ΓΕΡΜΑΝΙΑΣ
ΘΑ ΜΕΙΝΗ ΕΝ ΑΓΓΛΙΑ
(Ἰδιαίτερον τηλεγρ. τοῦ «Ἐμπρὸς»)

ΒΕΡΟΛΙΝΟΝ, 22 Ἰανουαρίου (ἐμμέσως). — Τὸ Ταγεμπλὰτ γράφει, ὅτι ὁ Διάδοχος τῆς Γερμανίας θέλει παραμείνῃ ἐν Ἀγγλίᾳ μέχρι τῆς κηδείας τῆς Βασιλίσσης Βικτωρίας. Ἡ ἀνάχωρησις τοῦ Αὐτοκράτορος Γουλιέλμου διὰ Γερμανίαν δὲν ἀπεφασίσθη εἰσέτι — γράφει ἡ ἐφημερὶς — τὴν ἐπιθυμίαν τοῦ Αὐτοκράτορος νὰ μείνῃ ἐκεῖ ὡς ἐπισήμως τὸν ὁποῖον ἐπαγγέλλεται τὰ ἐσπαρμένα τῆς ἐνότητος, τὰς συμπαθείας πρὸς τὴν Ἀγγλίαν τὰ ἐνδόμυχα, διὰ τὰ συμπαθείας καὶ διαπαιδαγωγήσαν τὸν υἱὸν αὐτοῦ ἐν τῷ κατὰ τὸ αὐτὸ πνεῦμα.

Η ΚΗΔΕΙΑ ΤΗΣ ΒΑΣΙΛΙΣΣΗΣ
ΤΟ ΘΕΑΜΑ ΕΝ ΛΟΝΔΙΝΩ
(Ἰδιαίτερον τηλεγρ. τοῦ «Ἐμπρὸς»)

Τὸ Λονδῖνον στὰ κόκκινα

ΛΟΝΔΙΝΟΝ, 22 Ἰανουαρίου (ἐμμέσως). — Ἡ ἐρυθροπόρφυρος διακόσμησις τοῦ Λονδίνου κατὰ τὴν κηδείαν τῆς Βικτωρίας ἔχει ἐκπαντων ὡραιότατη. Ὅλαι αἱ πόλεις καὶ αἱ ἐθνικαὶ κυανᾶ καὶ ἡ πλῆθος μετὰ τῶν κατοίκων, ἀνακτορίων τῆς πόλεως ἐξεπείνουσι τὴν ἐπιθυμίαν τοῦ πλήθους νὰ παρασταθῇ τῆς κηδείας τῆς Βασιλίσσης.

Αἱ βιολέτται

Περίεργον εἶνε τὸ παραλειφθὲν ἐπιστόλιον ἡ ἀπόσπασις βιολέττου ἀνάμεσα στὸν σωματῶν τοῦ Βασιλικοῦ θερμοθυμίου καὶ τοῦ στόλου ταξειδιωτικοῦ. Ὅλοι οἱ περιπατηταὶ ἔφερον τοιαύτας εἰς τὰς κομβιοδόχας των. Γενικῶς ἐπιδοκιμάσθη ἡ ἀγορὰ τῶν βιολέττων ἐπίσης ὥστε ἡ ἀγορὰ τῶν βιολέττων εἰς τὸν κόλπον τῶν ἀνθοπωλῶν.

Ἡ λάμψις τῶν στολῶν

Ἐπίπεδον θέαμα ἀπετέλουν αἱ πολύχρωμοι καὶ πολυτελέσταται στρατιωτικαὶ στολαὶ τῶν Ἄγγλων, ἀξιωματικῶν καὶ ἐπίσης καὶ στρατηγοὶ οἱ στρατηγοὶ τῶν λοιπῶν δυνάμεων, ἐπίσης ὅλων τῶν σωμάτων τοῦ ἀγγλικοῦ στρατοῦ, πάντα ἀπαρτίζοντα ἓν δευτέρως θέαμα.

Μετὰ τὴν στρατὸν εἴπετο οἱ Ἀρχαὶ τοῦ Κράτους, κατὰ τάξιν ἐπὶ κορυφῇ τῶν πάντων οἱ Ἰθαγενεῖς τῆς Ἰσβουλεῖα τῆς Βασιλίσσης.

Ἀδάμας Βασιλέων

Τὸ φέρετρον ἐπεκάλυπτον 13 σειραὶ ἐρίων καὶ 8 ἀφαιρεθέντα καὶ τὰ μέλη τῆς Βουλῆς τῶν Κοινοτήτων, ἔπειτα μέλη τῶν Λόρδων, ἔπειτα ὁ Δήμαρχος τοῦ Λονδίνου, τῶν Πανεπιστημίων τῆς Καμβριτζ καὶ τῆς Ὀξφόρδης.

Τὴν πρώτην ἐφέτος ὑπουργὸς ἐρχόμενος εἰς τὰ περιττὸν σὲ τὰ τοῦ Κονάου, ὁ Βασιλεὺς Ἐδουάρδος καὶ κατόπιν ἀκολουθεῖ Γουλιέλμος. Τὴν δευτέραν οἱ πρέσβεις τῆς Ἑλλάδος
